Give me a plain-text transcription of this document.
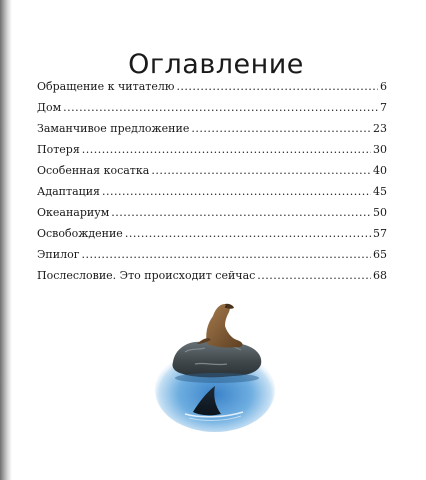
Оглавление
Обращение к читателю .....	6
Дом .....	7
Заманчивое предложение .....	23
Потеря .....	30
Особенная косатка .....	40
Адаптация .....	45
Океанариум .....	50
Освобождение .....	57
Эпилог .....	65
Послесловие. Это происходит сейчас .....	68
